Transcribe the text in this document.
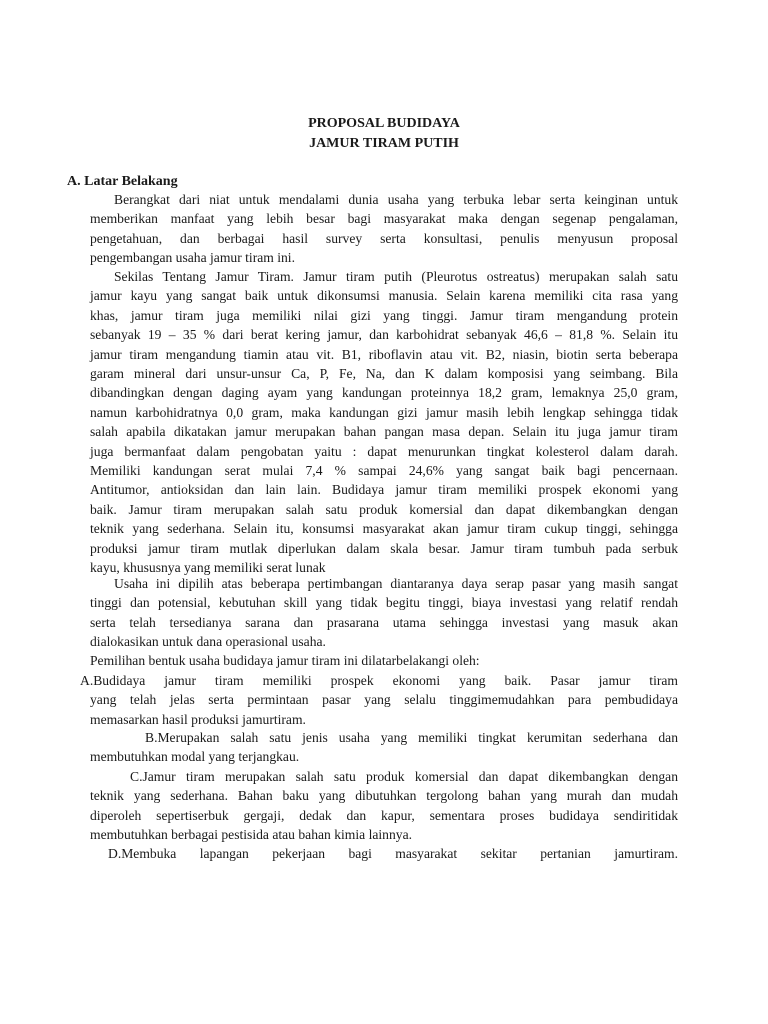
PROPOSAL BUDIDAYA
JAMUR TIRAM PUTIH
A. Latar Belakang

Berangkat dari niat untuk mendalami dunia usaha yang terbuka lebar serta keinginan untuk
memberikan manfaat yang lebih besar bagi masyarakat maka dengan segenap pengalaman,
pengetahuan, dan berbagai hasil survey serta konsultasi, penulis menyusun proposal
pengembangan usaha jamur tiram ini.

Sekilas Tentang Jamur Tiram. Jamur tiram putih (Pleurotus ostreatus) merupakan salah satu
jamur kayu yang sangat baik untuk dikonsumsi manusia. Selain karena memiliki cita rasa yang
khas, jamur tiram juga memiliki nilai gizi yang tinggi. Jamur tiram mengandung protein
sebanyak 19 – 35 % dari berat kering jamur, dan karbohidrat sebanyak 46,6 – 81,8 %. Selain itu
jamur tiram mengandung tiamin atau vit. B1, riboflavin atau vit. B2, niasin, biotin serta beberapa
garam mineral dari unsur-unsur Ca, P, Fe, Na, dan K dalam komposisi yang seimbang. Bila
dibandingkan dengan daging ayam yang kandungan proteinnya 18,2 gram, lemaknya 25,0 gram,
namun karbohidratnya 0,0 gram, maka kandungan gizi jamur masih lebih lengkap sehingga tidak
salah apabila dikatakan jamur merupakan bahan pangan masa depan. Selain itu juga jamur tiram
juga bermanfaat dalam pengobatan yaitu : dapat menurunkan tingkat kolesterol dalam darah.
Memiliki kandungan serat mulai 7,4 % sampai 24,6% yang sangat baik bagi pencernaan.
Antitumor, antioksidan dan lain lain. Budidaya jamur tiram memiliki prospek ekonomi yang
baik. Jamur tiram merupakan salah satu produk komersial dan dapat dikembangkan dengan
teknik yang sederhana. Selain itu, konsumsi masyarakat akan jamur tiram cukup tinggi, sehingga
produksi jamur tiram mutlak diperlukan dalam skala besar. Jamur tiram tumbuh pada serbuk
kayu, khususnya yang memiliki serat lunak

Usaha ini dipilih atas beberapa pertimbangan diantaranya daya serap pasar yang masih sangat
tinggi dan potensial, kebutuhan skill yang tidak begitu tinggi, biaya investasi yang relatif rendah
serta telah tersedianya sarana dan prasarana utama sehingga investasi yang masuk akan
dialokasikan untuk dana operasional usaha.

Pemilihan bentuk usaha budidaya jamur tiram ini dilatarbelakangi oleh:

A.Budidaya jamur tiram memiliki prospek ekonomi yang baik. Pasar jamur tiram
yang telah jelas serta permintaan pasar yang selalu tinggimemudahkan para pembudidaya
memasarkan hasil produksi jamurtiram.

B.Merupakan salah satu jenis usaha yang memiliki tingkat kerumitan sederhana dan
membutuhkan modal yang terjangkau.

C.Jamur tiram merupakan salah satu produk komersial dan dapat dikembangkan dengan
teknik yang sederhana. Bahan baku yang dibutuhkan tergolong bahan yang murah dan mudah
diperoleh sepertiserbuk gergaji, dedak dan kapur, sementara proses budidaya sendiritidak
membutuhkan berbagai pestisida atau bahan kimia lainnya.

D.Membuka lapangan pekerjaan bagi masyarakat sekitar pertanian jamurtiram.
